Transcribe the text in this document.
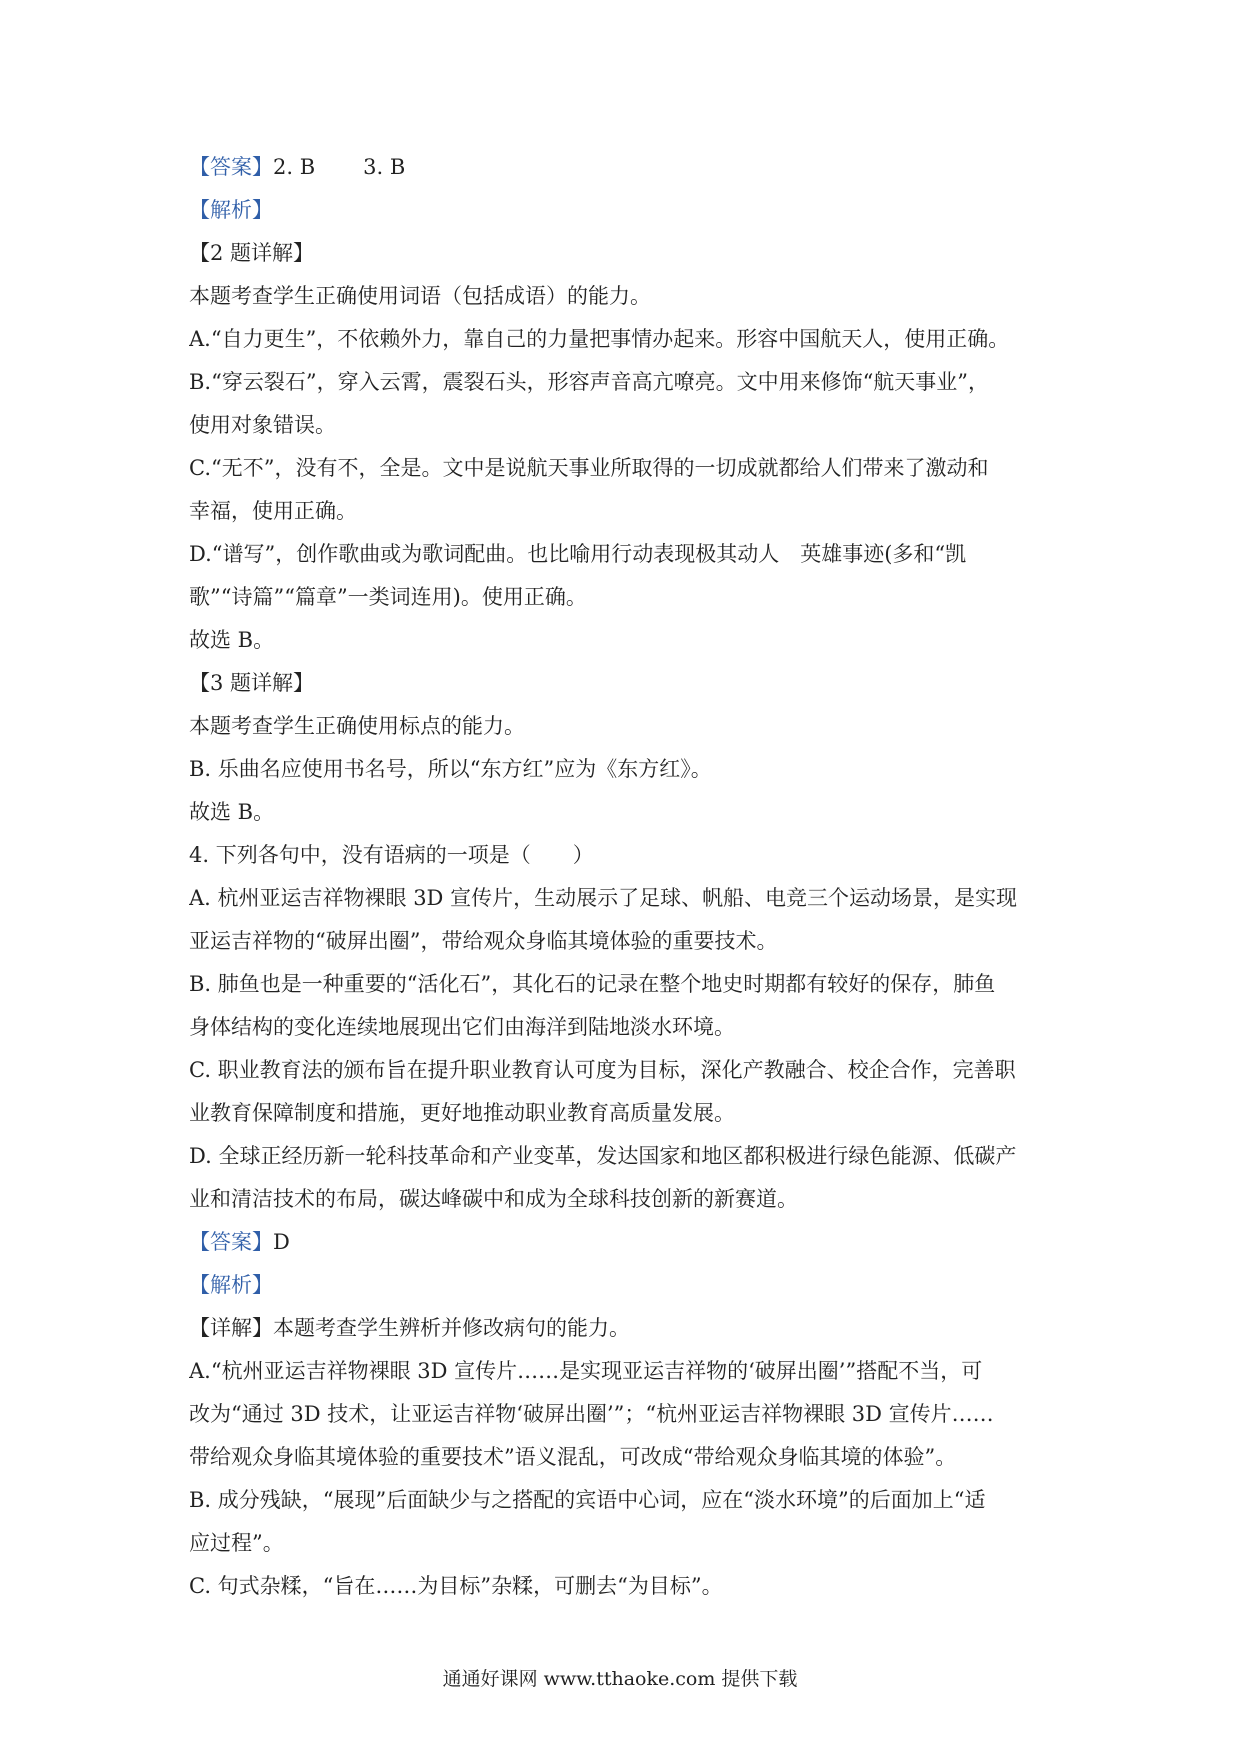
【答案】2. B 3. B
【解析】
【2 题详解】
本题考查学生正确使用词语（包括成语）的能力。
A.“自力更生”，不依赖外力，靠自己的力量把事情办起来。形容中国航天人，使用正确。
B.“穿云裂石”，穿入云霄，震裂石头，形容声音高亢嘹亮。文中用来修饰“航天事业”，
使用对象错误。
C.“无不”，没有不，全是。文中是说航天事业所取得的一切成就都给人们带来了激动和
幸福，使用正确。
D.“谱写”，创作歌曲或为歌词配曲。也比喻用行动表现极其动人　英雄事迹(多和“凯
歌”“诗篇”“篇章”一类词连用)。使用正确。
故选 B。
【3 题详解】
本题考查学生正确使用标点的能力。
B. 乐曲名应使用书名号，所以“东方红”应为《东方红》。
故选 B。
4. 下列各句中，没有语病的一项是（　　）
A. 杭州亚运吉祥物裸眼 3D 宣传片，生动展示了足球、帆船、电竞三个运动场景，是实现
亚运吉祥物的“破屏出圈”，带给观众身临其境体验的重要技术。
B. 肺鱼也是一种重要的“活化石”，其化石的记录在整个地史时期都有较好的保存，肺鱼
身体结构的变化连续地展现出它们由海洋到陆地淡水环境。
C. 职业教育法的颁布旨在提升职业教育认可度为目标，深化产教融合、校企合作，完善职
业教育保障制度和措施，更好地推动职业教育高质量发展。
D. 全球正经历新一轮科技革命和产业变革，发达国家和地区都积极进行绿色能源、低碳产
业和清洁技术的布局，碳达峰碳中和成为全球科技创新的新赛道。
【答案】D
【解析】
【详解】本题考查学生辨析并修改病句的能力。
A.“杭州亚运吉祥物裸眼 3D 宣传片……是实现亚运吉祥物的‘破屏出圈’”搭配不当，可
改为“通过 3D 技术，让亚运吉祥物‘破屏出圈’”；“杭州亚运吉祥物裸眼 3D 宣传片……
带给观众身临其境体验的重要技术”语义混乱，可改成“带给观众身临其境的体验”。
B. 成分残缺，“展现”后面缺少与之搭配的宾语中心词，应在“淡水环境”的后面加上“适
应过程”。
C. 句式杂糅，“旨在……为目标”杂糅，可删去“为目标”。
通通好课网 www.tthaoke.com 提供下载
